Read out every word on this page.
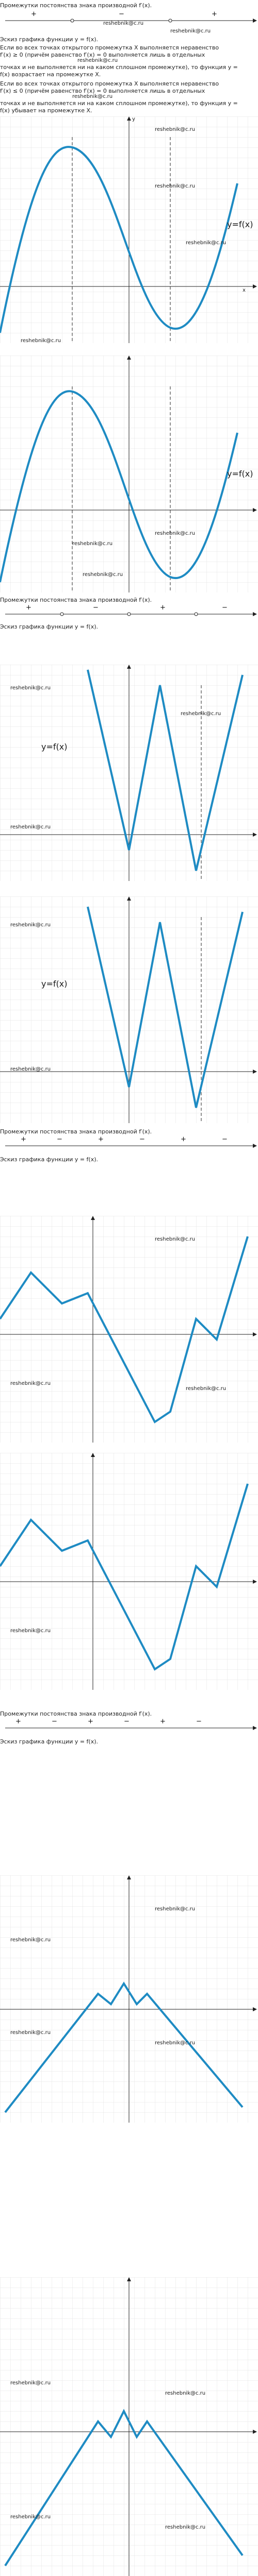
Промежутки постоянства знака производной f′(x).
+	−	+
reshebnik@c.ru
reshebnik@c.ru
Эскиз графика функции y = f(x).
Если во всех точках открытого промежутка X выполняется неравенство
f′(x) ≥ 0 (причём равенство f′(x) = 0 выполняется лишь в отдельных
reshebnik@c.ru
точках и не выполняется ни на каком сплошном промежутке), то функция y =
f(x) возрастает на промежутке X.
Если во всех точках открытого промежутка X выполняется неравенство
f′(x) ≤ 0 (причём равенство f′(x) = 0 выполняется лишь в отдельных
reshebnik@c.ru
точках и не выполняется ни на каком сплошном промежутке), то функция y =
f(x) убывает на промежутке X.
x
y
y=f(x)
reshebnik@c.ru
reshebnik@c.ru
reshebnik@c.ru
reshebnik@c.ru
y=f(x)
reshebnik@c.ru
reshebnik@c.ru
reshebnik@c.ru
Промежутки постоянства знака производной f′(x).
+	−	+	−
Эскиз графика функции y = f(x).
y=f(x)
reshebnik@c.ru
reshebnik@c.ru
reshebnik@c.ru
y=f(x)
reshebnik@c.ru
reshebnik@c.ru
Промежутки постоянства знака производной f′(x).
+	−	+	−	+	−
Эскиз графика функции y = f(x).
reshebnik@c.ru
reshebnik@c.ru
reshebnik@c.ru
reshebnik@c.ru
Промежутки постоянства знака производной f′(x).
+	−	+	−	+	−
Эскиз графика функции y = f(x).
reshebnik@c.ru
reshebnik@c.ru
reshebnik@c.ru
reshebnik@c.ru
reshebnik@c.ru
reshebnik@c.ru
reshebnik@c.ru
reshebnik@c.ru
